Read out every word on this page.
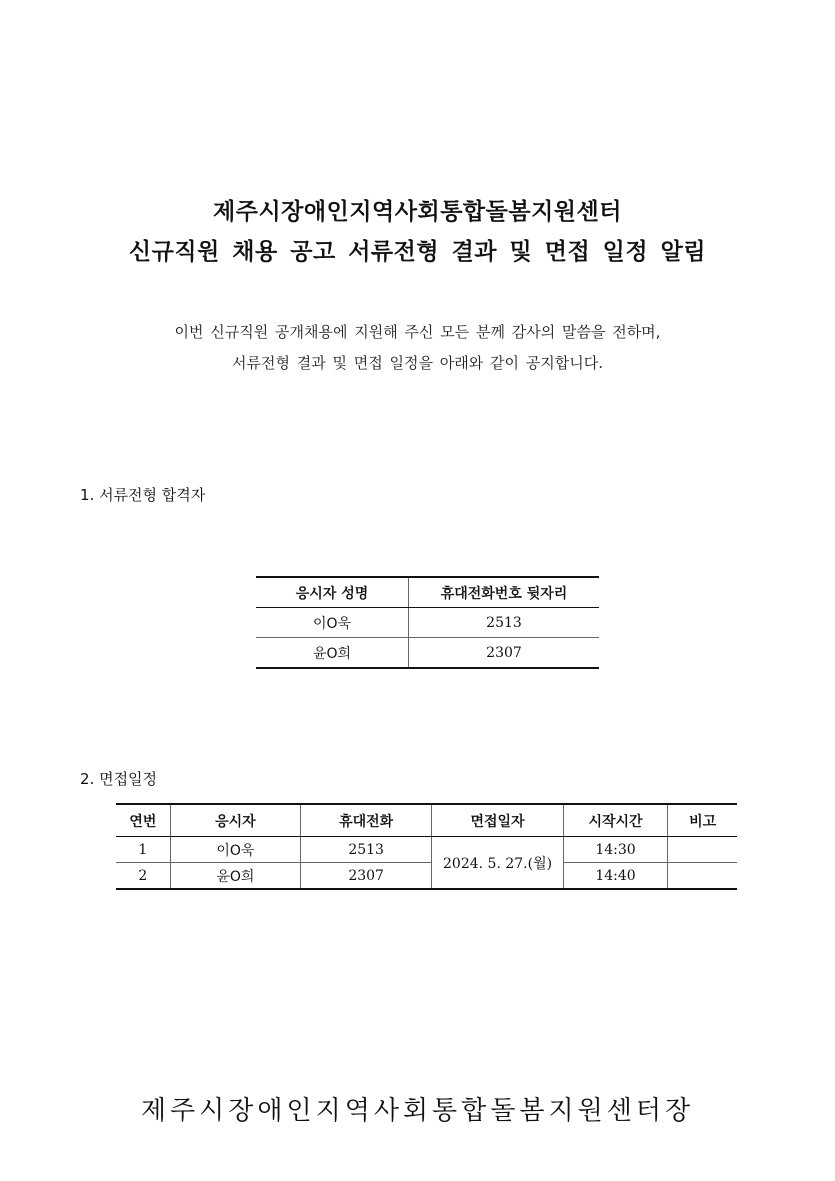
제주시장애인지역사회통합돌봄지원센터
신규직원 채용 공고 서류전형 결과 및 면접 일정 알림
이번 신규직원 공개채용에 지원해 주신 모든 분께 감사의 말씀을 전하며,
서류전형 결과 및 면접 일정을 아래와 같이 공지합니다.
1. 서류전형 합격자
응시자 성명	휴대전화번호 뒷자리
이O욱	2513
윤O희	2307
2. 면접일정
연번	응시자	휴대전화	면접일자	시작시간	비고
1	이O욱	2513	2024. 5. 27.(월)	14:30	
2	윤O희	2307		14:40	
제주시장애인지역사회통합돌봄지원센터장
